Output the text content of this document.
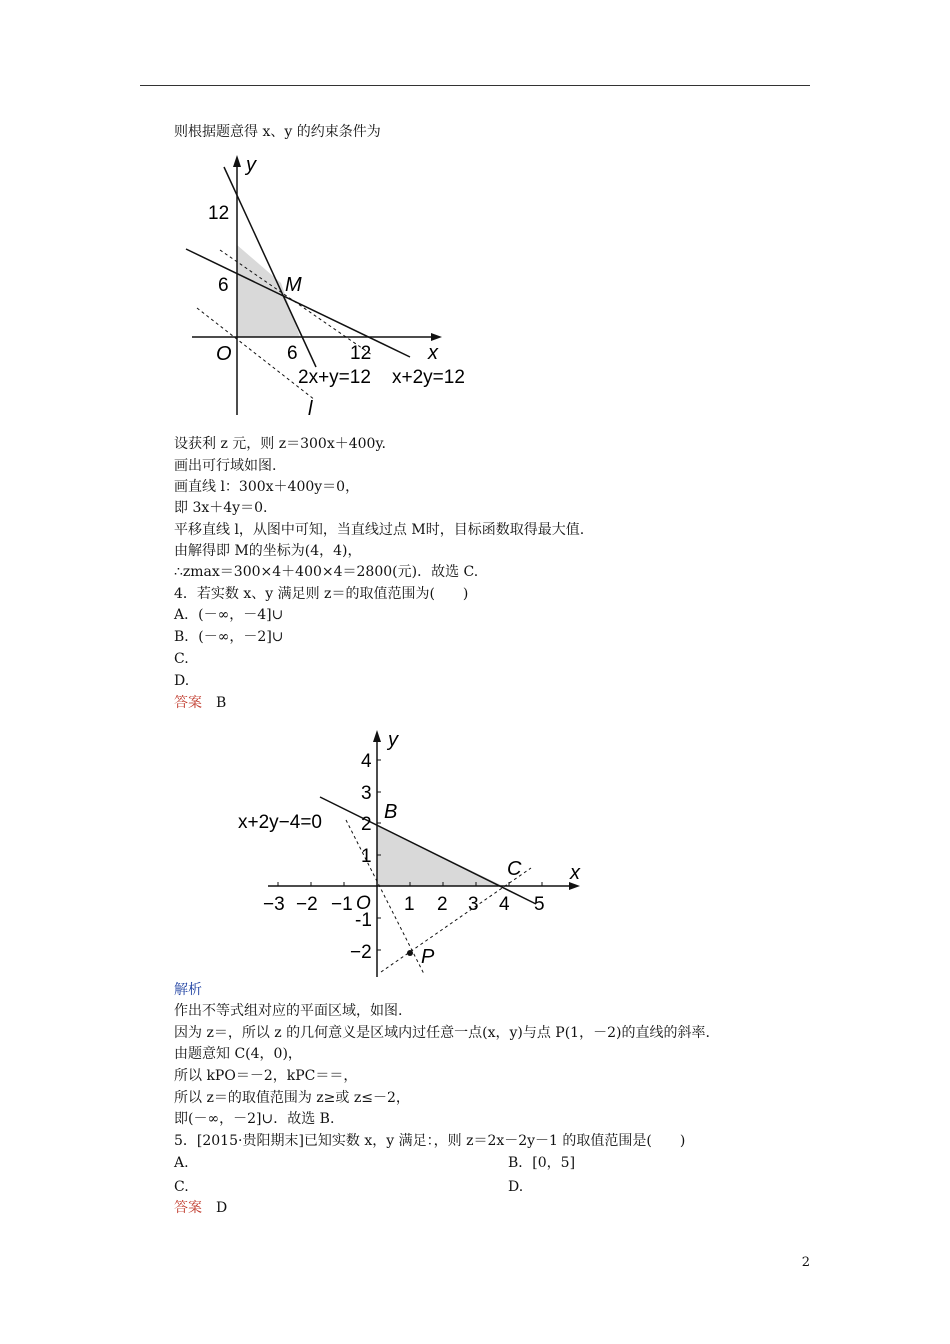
则根据题意得 x、y 的约束条件为
y
x
O
12
6
6	12
M
2x+y=12 x+2y=12
l
设获利 z 元，则 z＝300x＋400y.
画出可行域如图.
画直线 l：300x＋400y＝0，
即 3x＋4y＝0.
平移直线 l，从图中可知，当直线过点 M时，目标函数取得最大值.
由解得即 M的坐标为(4，4)，
∴zmax＝300×4＋400×4＝2800(元)．故选 C.
4．若实数 x、y 满足则 z＝的取值范围为(　　)
A．(－∞，－4]∪
B．(－∞，－2]∪
C.
D.
答案　 B
y
x
O
4
3
2
1
-1
−2
−3 −2 −1	1 2 3 4 5
B
C
P
x+2y−4=0
解析
作出不等式组对应的平面区域，如图.
因为 z＝，所以 z 的几何意义是区域内过任意一点(x，y)与点 P(1，－2)的直线的斜率.
由题意知 C(4，0)，
所以 kPO＝－2，kPC＝＝，
所以 z＝的取值范围为 z≥或 z≤－2，
即(－∞，－2]∪．故选 B.
5．[2015·贵阳期末]已知实数 x，y 满足：，则 z＝2x－2y－1 的取值范围是(　　)
A.	B．[0，5]
C.	D.
答案　 D
2
